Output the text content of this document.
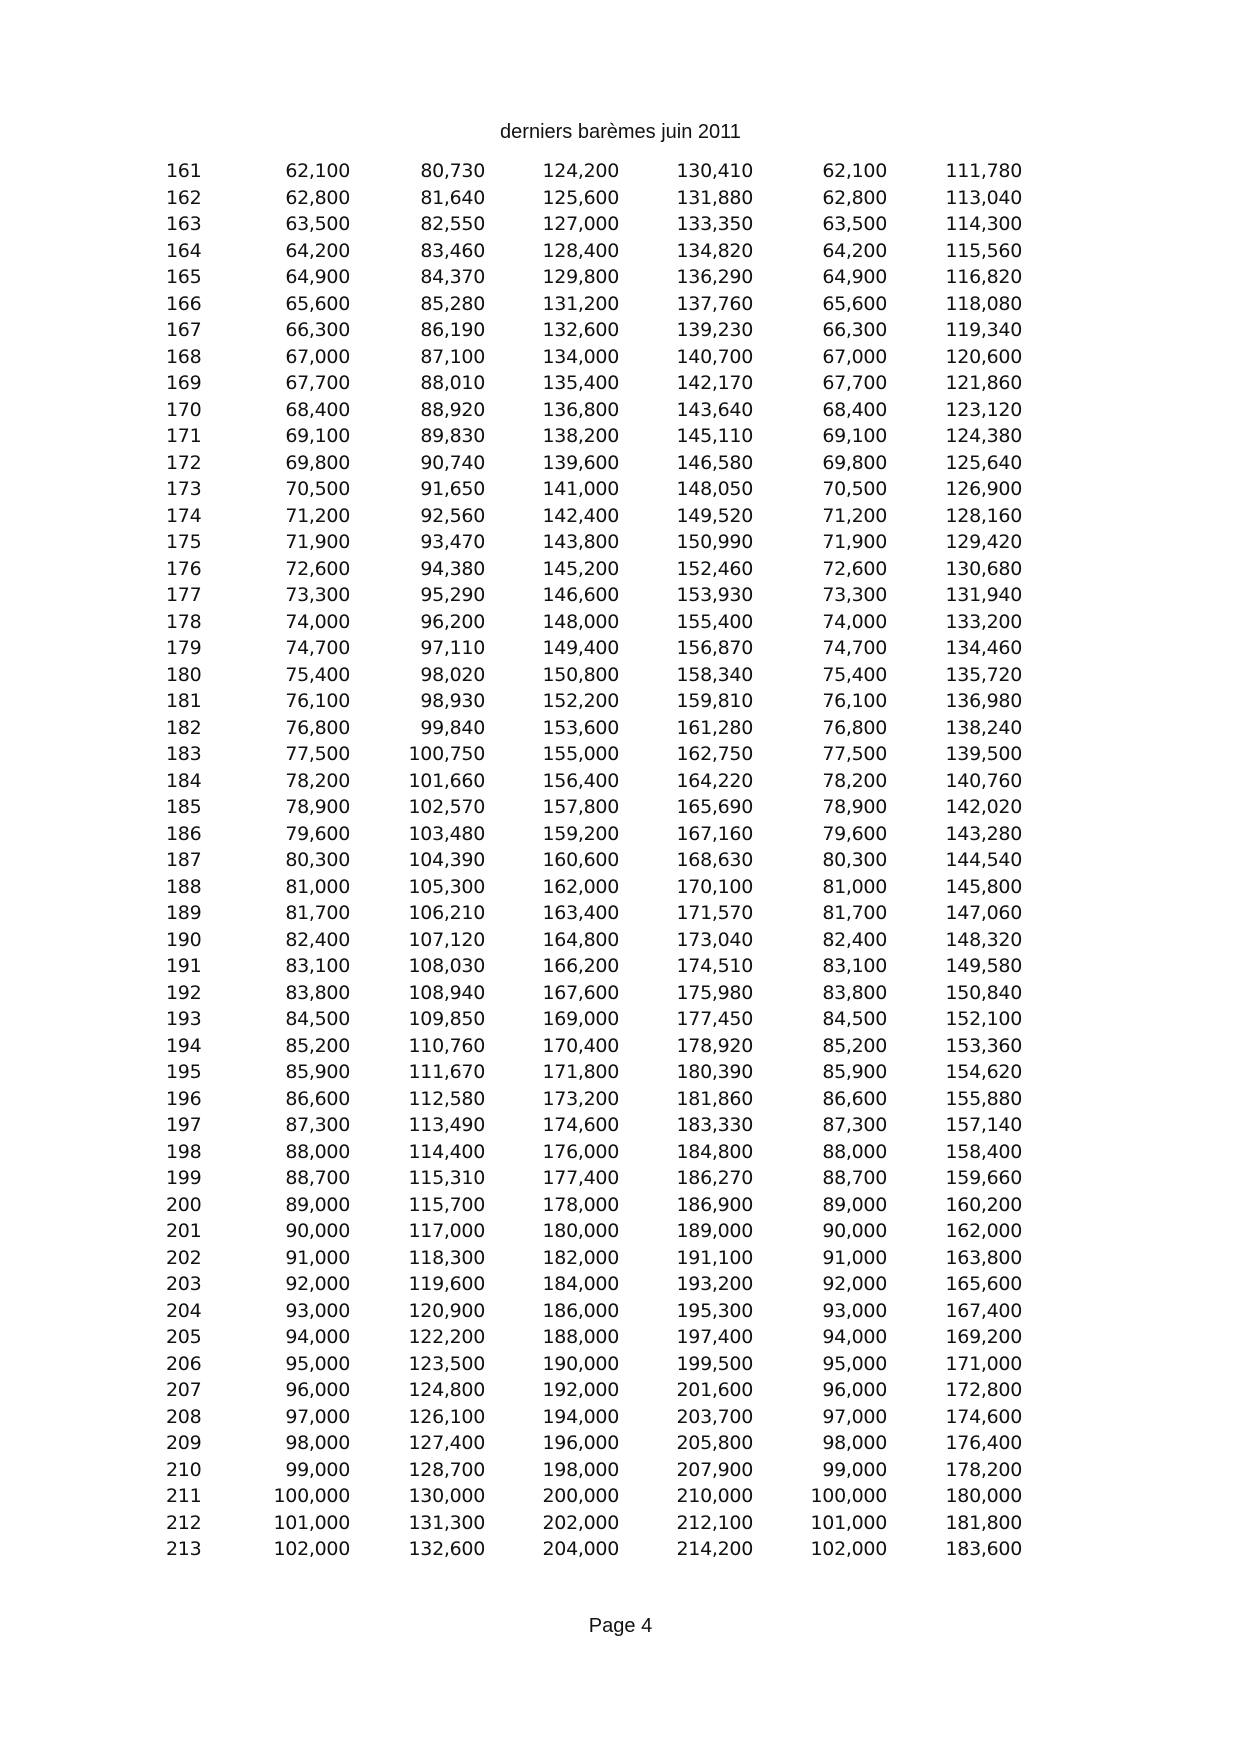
derniers barèmes juin 2011
161	62,100	80,730	124,200	130,410	62,100	111,780
162	62,800	81,640	125,600	131,880	62,800	113,040
163	63,500	82,550	127,000	133,350	63,500	114,300
164	64,200	83,460	128,400	134,820	64,200	115,560
165	64,900	84,370	129,800	136,290	64,900	116,820
166	65,600	85,280	131,200	137,760	65,600	118,080
167	66,300	86,190	132,600	139,230	66,300	119,340
168	67,000	87,100	134,000	140,700	67,000	120,600
169	67,700	88,010	135,400	142,170	67,700	121,860
170	68,400	88,920	136,800	143,640	68,400	123,120
171	69,100	89,830	138,200	145,110	69,100	124,380
172	69,800	90,740	139,600	146,580	69,800	125,640
173	70,500	91,650	141,000	148,050	70,500	126,900
174	71,200	92,560	142,400	149,520	71,200	128,160
175	71,900	93,470	143,800	150,990	71,900	129,420
176	72,600	94,380	145,200	152,460	72,600	130,680
177	73,300	95,290	146,600	153,930	73,300	131,940
178	74,000	96,200	148,000	155,400	74,000	133,200
179	74,700	97,110	149,400	156,870	74,700	134,460
180	75,400	98,020	150,800	158,340	75,400	135,720
181	76,100	98,930	152,200	159,810	76,100	136,980
182	76,800	99,840	153,600	161,280	76,800	138,240
183	77,500	100,750	155,000	162,750	77,500	139,500
184	78,200	101,660	156,400	164,220	78,200	140,760
185	78,900	102,570	157,800	165,690	78,900	142,020
186	79,600	103,480	159,200	167,160	79,600	143,280
187	80,300	104,390	160,600	168,630	80,300	144,540
188	81,000	105,300	162,000	170,100	81,000	145,800
189	81,700	106,210	163,400	171,570	81,700	147,060
190	82,400	107,120	164,800	173,040	82,400	148,320
191	83,100	108,030	166,200	174,510	83,100	149,580
192	83,800	108,940	167,600	175,980	83,800	150,840
193	84,500	109,850	169,000	177,450	84,500	152,100
194	85,200	110,760	170,400	178,920	85,200	153,360
195	85,900	111,670	171,800	180,390	85,900	154,620
196	86,600	112,580	173,200	181,860	86,600	155,880
197	87,300	113,490	174,600	183,330	87,300	157,140
198	88,000	114,400	176,000	184,800	88,000	158,400
199	88,700	115,310	177,400	186,270	88,700	159,660
200	89,000	115,700	178,000	186,900	89,000	160,200
201	90,000	117,000	180,000	189,000	90,000	162,000
202	91,000	118,300	182,000	191,100	91,000	163,800
203	92,000	119,600	184,000	193,200	92,000	165,600
204	93,000	120,900	186,000	195,300	93,000	167,400
205	94,000	122,200	188,000	197,400	94,000	169,200
206	95,000	123,500	190,000	199,500	95,000	171,000
207	96,000	124,800	192,000	201,600	96,000	172,800
208	97,000	126,100	194,000	203,700	97,000	174,600
209	98,000	127,400	196,000	205,800	98,000	176,400
210	99,000	128,700	198,000	207,900	99,000	178,200
211	100,000	130,000	200,000	210,000	100,000	180,000
212	101,000	131,300	202,000	212,100	101,000	181,800
213	102,000	132,600	204,000	214,200	102,000	183,600
Page 4
